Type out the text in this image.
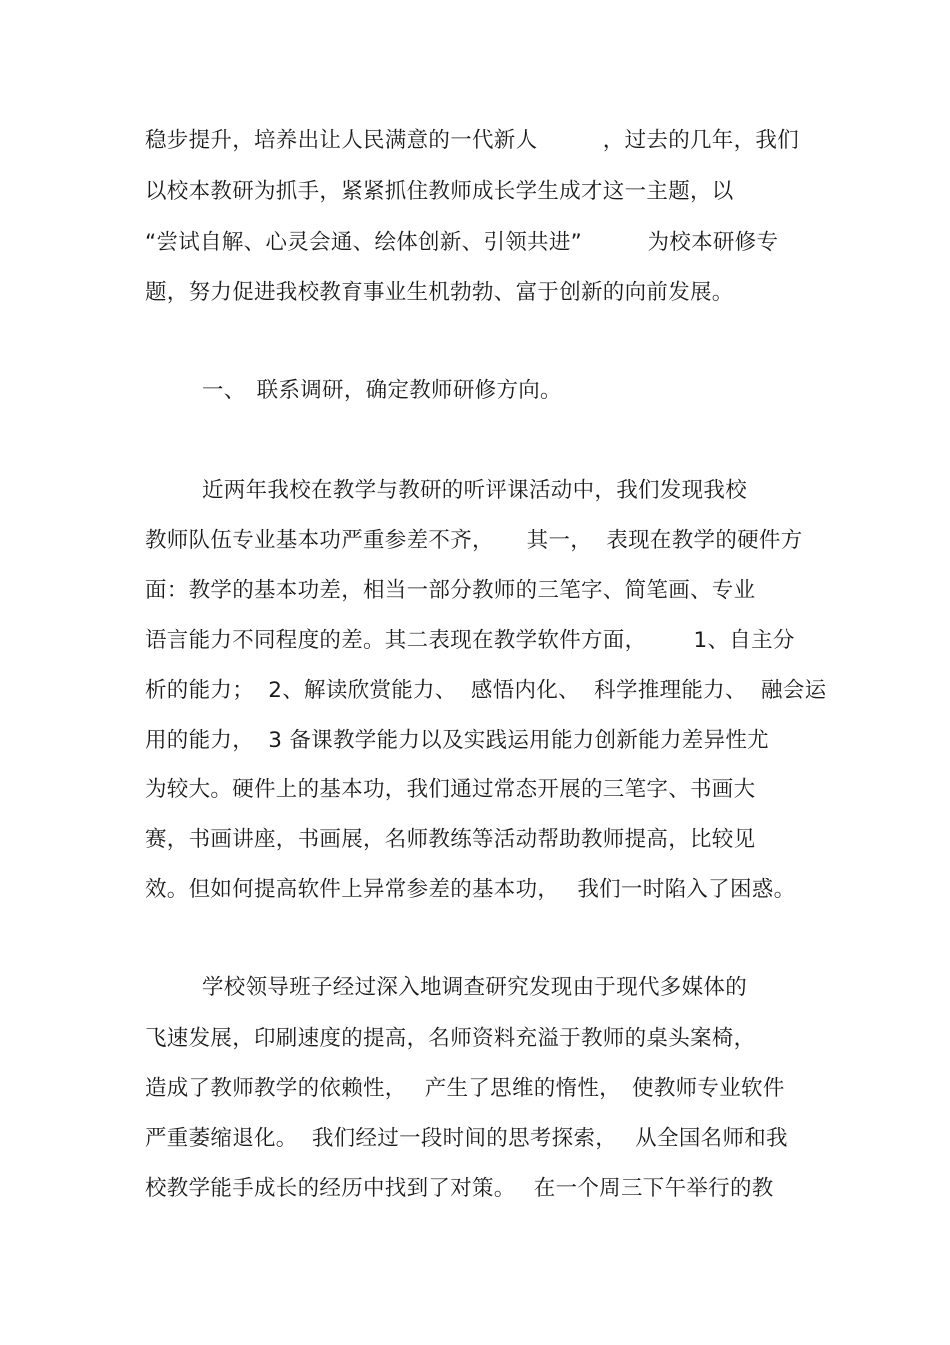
稳步提升，培养出让人民满意的一代新人　　　，过去的几年，我们
以校本教研为抓手，紧紧抓住教师成长学生成才这一主题，以
“尝试自解、心灵会通、绘体创新、引领共进”　　　为校本研修专
题，努力促进我校教育事业生机勃勃、富于创新的向前发展。
一、　联系调研，确定教师研修方向。
近两年我校在教学与教研的听评课活动中，我们发现我校
教师队伍专业基本功严重参差不齐，　　其一，  表现在教学的硬件方
面：教学的基本功差，相当一部分教师的三笔字、简笔画、专业
语言能力不同程度的差。其二表现在教学软件方面，　　  1、自主分
析的能力；  2、解读欣赏能力、  感悟内化、  科学推理能力、  融会运
用的能力，  3 备课教学能力以及实践运用能力创新能力差异性尤
为较大。硬件上的基本功，我们通过常态开展的三笔字、书画大
赛，书画讲座，书画展，名师教练等活动帮助教师提高，比较见
效。但如何提高软件上异常参差的基本功，　 我们一时陷入了困惑。
学校领导班子经过深入地调查研究发现由于现代多媒体的
飞速发展，印刷速度的提高，名师资料充溢于教师的桌头案椅，
造成了教师教学的依赖性，　 产生了思维的惰性，　使教师专业软件
严重萎缩退化。  我们经过一段时间的思考探索，　 从全国名师和我
校教学能手成长的经历中找到了对策。　 在一个周三下午举行的教
